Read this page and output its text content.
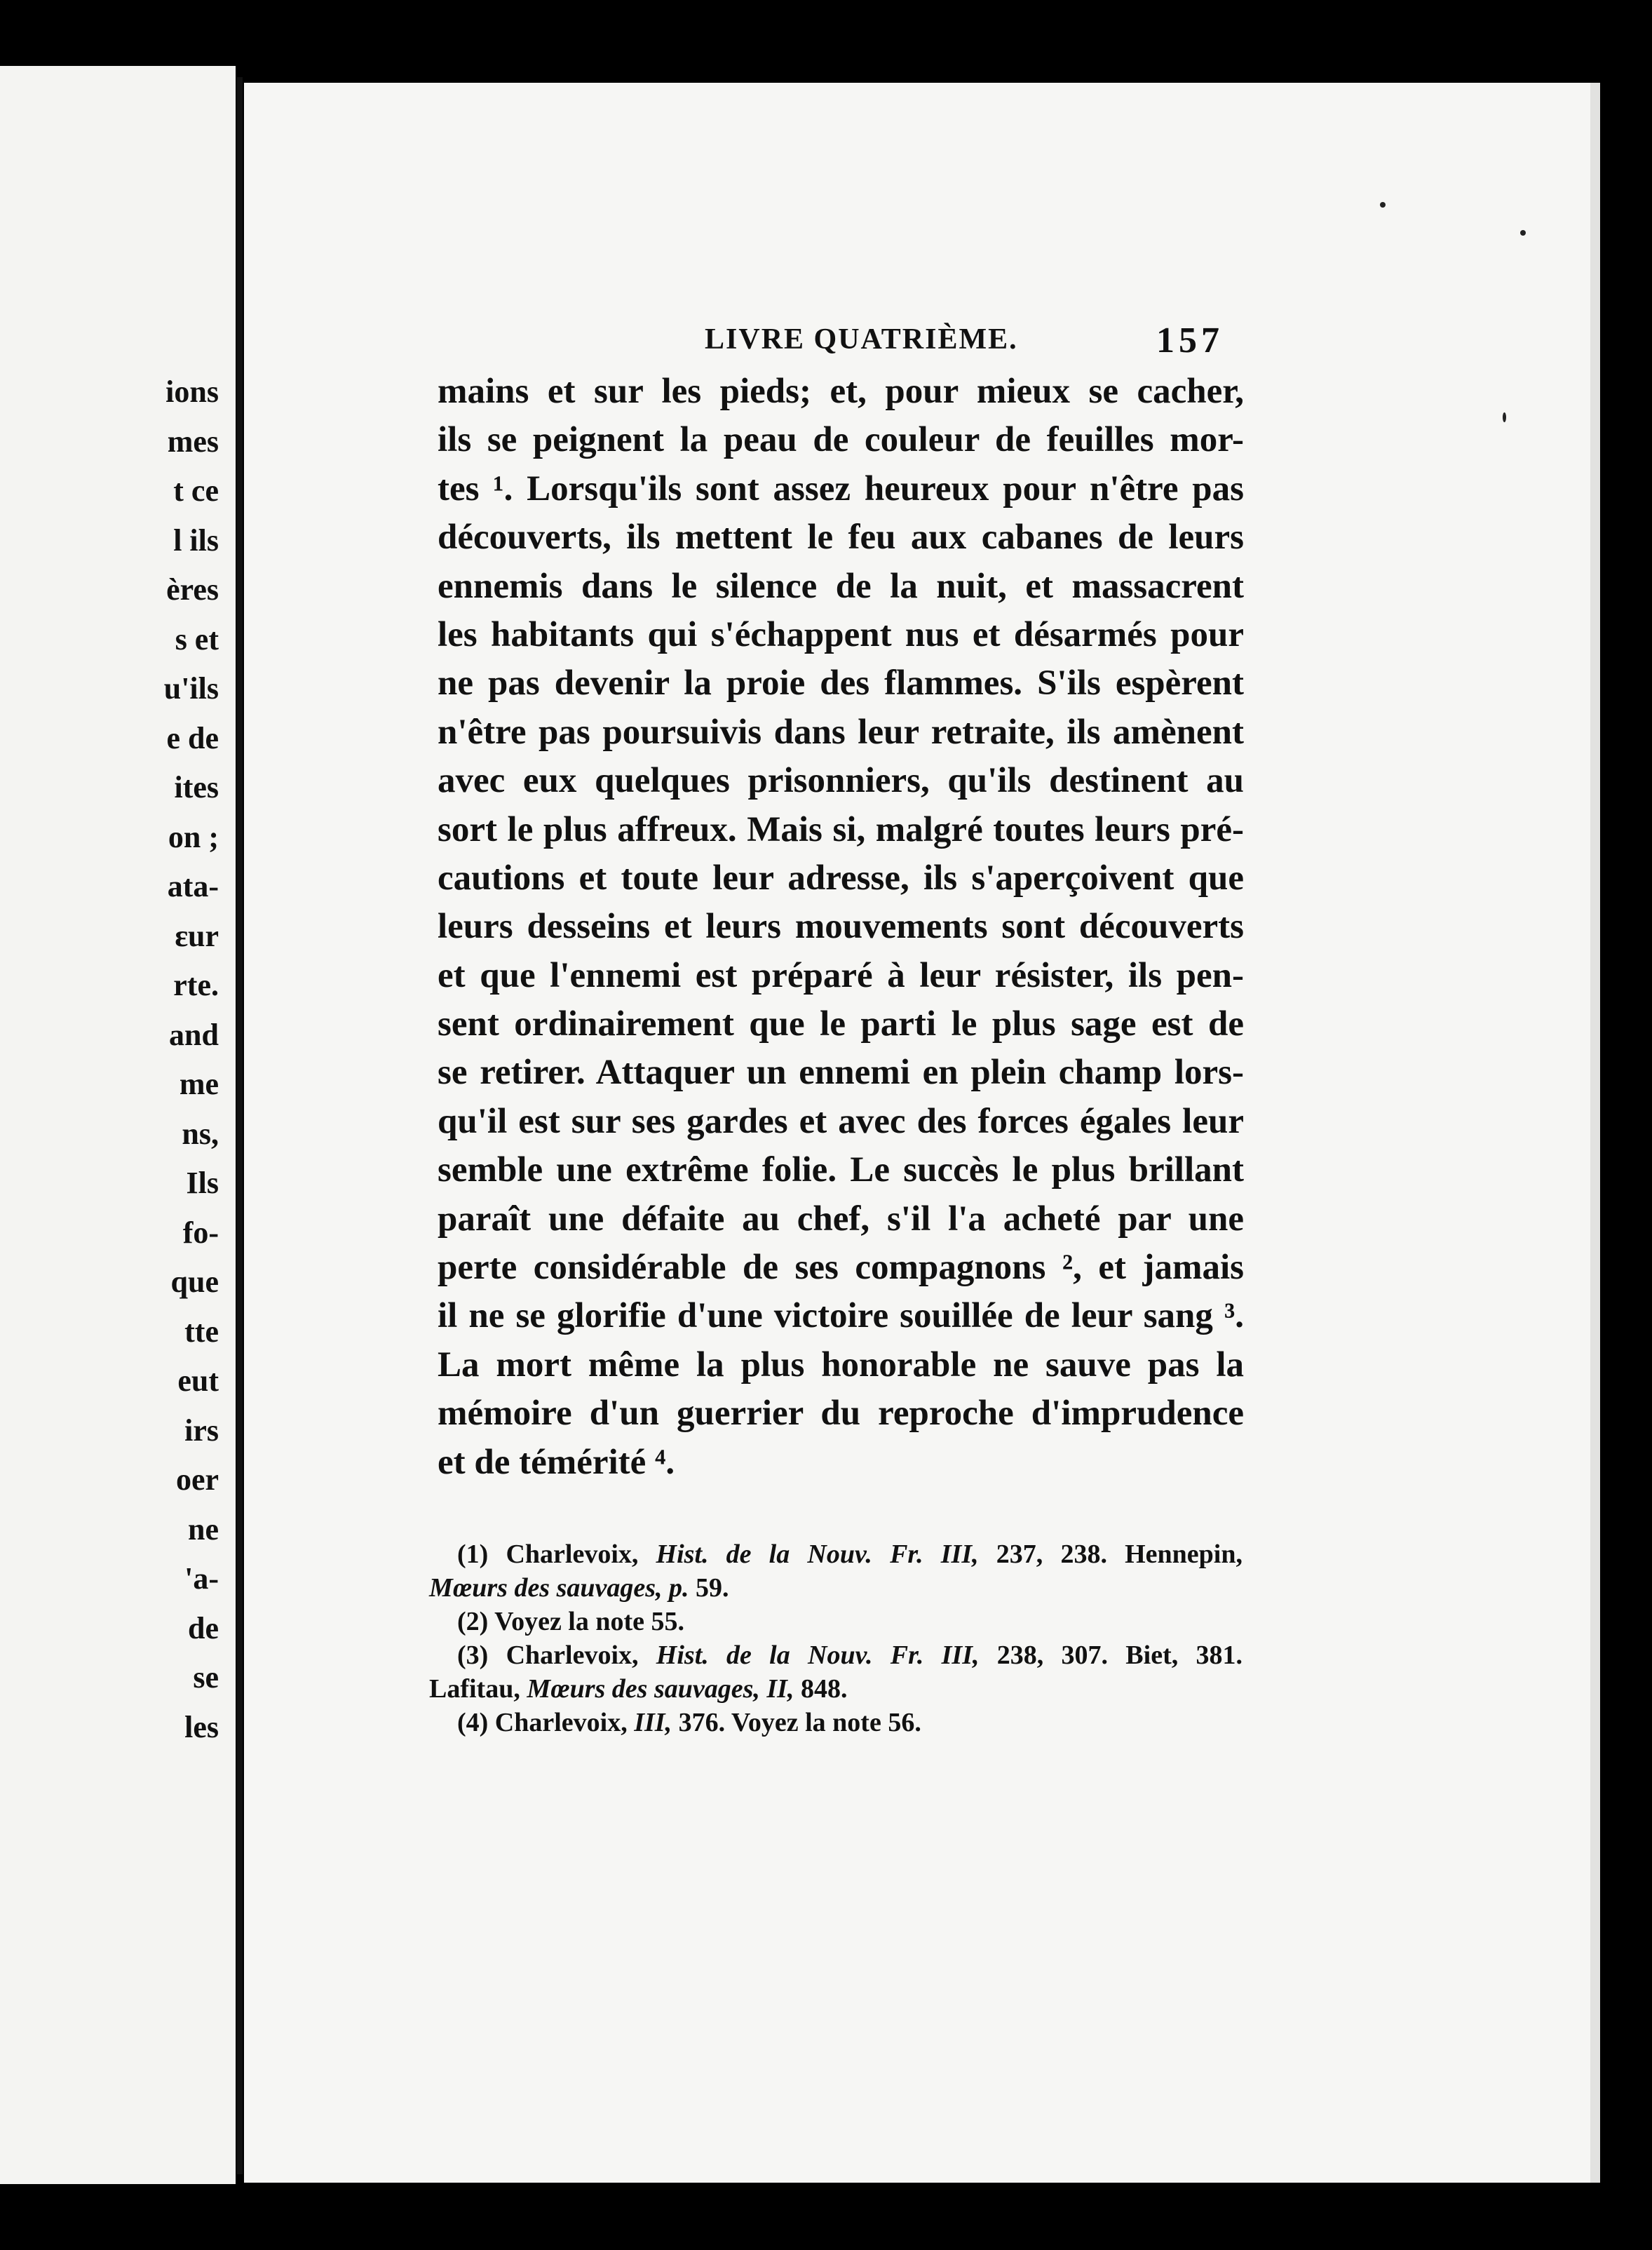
ions
mes
t ce
l ils
ères
s et
u'ils
e de
ites
on ;
ata-
ɛur
rte.
and
me
ns,
Ils
fo-
que
tte
eut
irs
oer
ne
'a-
de
se
les
LIVRE QUATRIÈME.	157
mains et sur les pieds; et, pour mieux se cacher,
ils se peignent la peau de couleur de feuilles mor-
tes ¹. Lorsqu'ils sont assez heureux pour n'être pas
découverts, ils mettent le feu aux cabanes de leurs
ennemis dans le silence de la nuit, et massacrent
les habitants qui s'échappent nus et désarmés pour
ne pas devenir la proie des flammes. S'ils espèrent
n'être pas poursuivis dans leur retraite, ils amènent
avec eux quelques prisonniers, qu'ils destinent au
sort le plus affreux. Mais si, malgré toutes leurs pré-
cautions et toute leur adresse, ils s'aperçoivent que
leurs desseins et leurs mouvements sont découverts
et que l'ennemi est préparé à leur résister, ils pen-
sent ordinairement que le parti le plus sage est de
se retirer. Attaquer un ennemi en plein champ lors-
qu'il est sur ses gardes et avec des forces égales leur
semble une extrême folie. Le succès le plus brillant
paraît une défaite au chef, s'il l'a acheté par une
perte considérable de ses compagnons ², et jamais
il ne se glorifie d'une victoire souillée de leur sang ³.
La mort même la plus honorable ne sauve pas la
mémoire d'un guerrier du reproche d'imprudence
et de témérité ⁴.
(1) Charlevoix, Hist. de la Nouv. Fr. III, 237, 238. Hennepin,
Mœurs des sauvages, p. 59.
(2) Voyez la note 55.
(3) Charlevoix, Hist. de la Nouv. Fr. III, 238, 307. Biet, 381.
Lafitau, Mœurs des sauvages, II, 848.
(4) Charlevoix, III, 376. Voyez la note 56.
